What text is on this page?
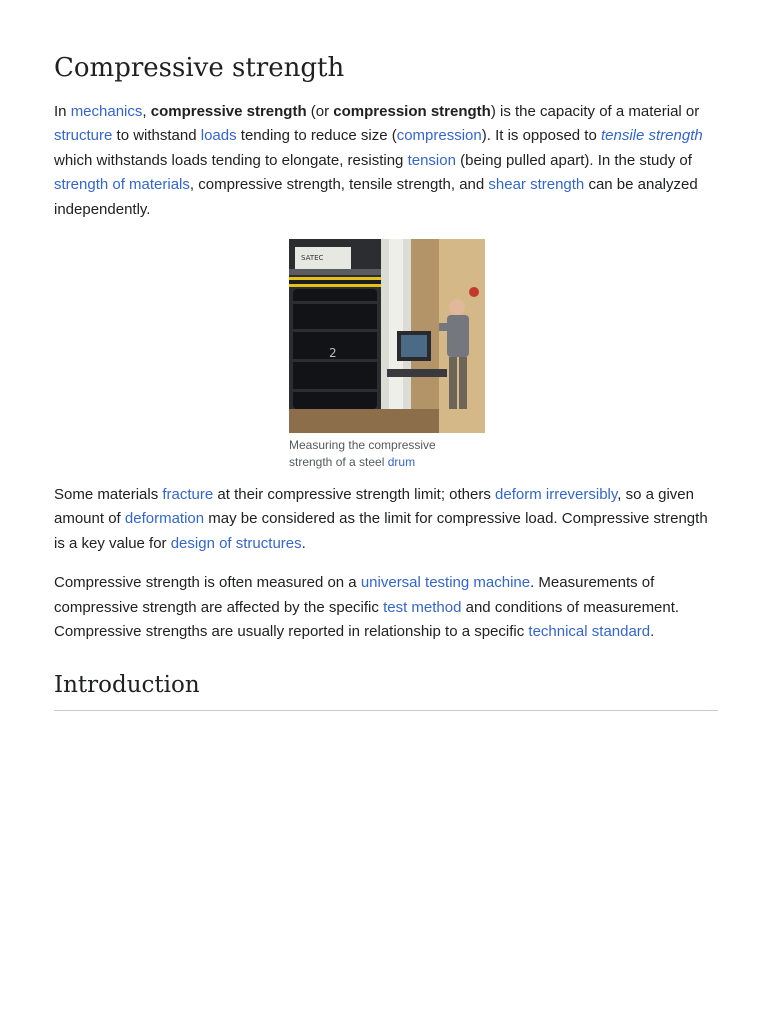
Compressive strength

In mechanics, compressive strength (or compression strength) is the capacity of a material or structure to withstand loads tending to reduce size (compression). It is opposed to tensile strength which withstands loads tending to elongate, resisting tension (being pulled apart). In the study of strength of materials, compressive strength, tensile strength, and shear strength can be analyzed independently.

SATEC
2
Measuring the compressive strength of a steel drum

Some materials fracture at their compressive strength limit; others deform irreversibly, so a given amount of deformation may be considered as the limit for compressive load. Compressive strength is a key value for design of structures.

Compressive strength is often measured on a universal testing machine. Measurements of compressive strength are affected by the specific test method and conditions of measurement. Compressive strengths are usually reported in relationship to a specific technical standard.

Introduction
